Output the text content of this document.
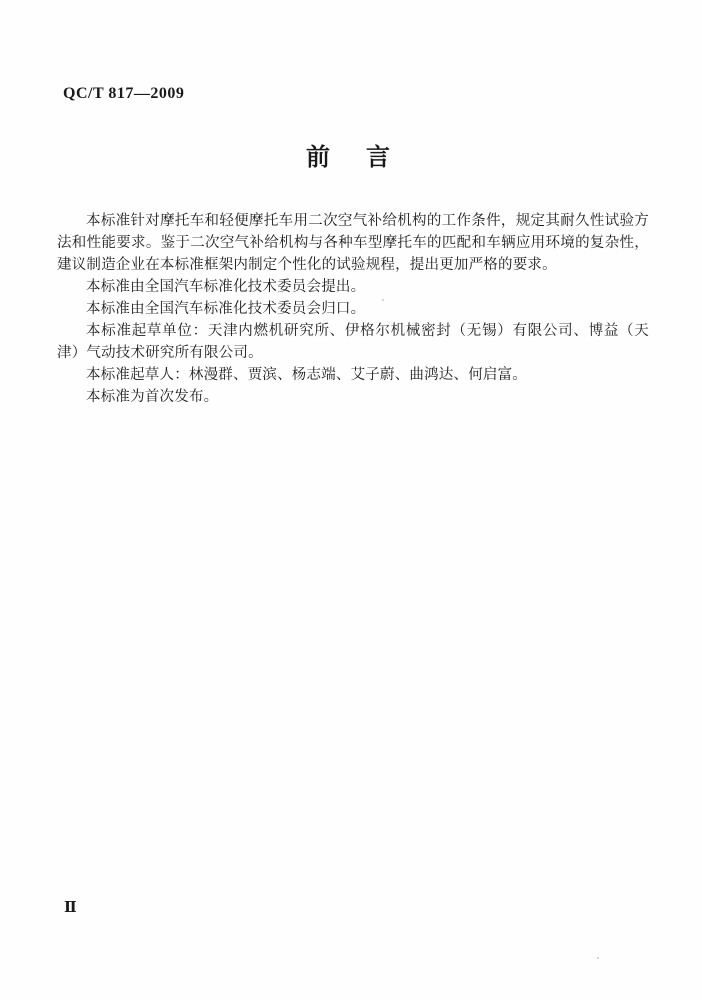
QC/T 817—2009
前　言

本标准针对摩托车和轻便摩托车用二次空气补给机构的工作条件，规定其耐久性试验方法和性能要求。鉴于二次空气补给机构与各种车型摩托车的匹配和车辆应用环境的复杂性，建议制造企业在本标准框架内制定个性化的试验规程，提出更加严格的要求。

本标准由全国汽车标准化技术委员会提出。

本标准由全国汽车标准化技术委员会归口。

本标准起草单位：天津内燃机研究所、伊格尔机械密封（无锡）有限公司、博益（天津）气动技术研究所有限公司。

本标准起草人：林漫群、贾滨、杨志端、艾子蔚、曲鸿达、何启富。

本标准为首次发布。

Ⅱ
